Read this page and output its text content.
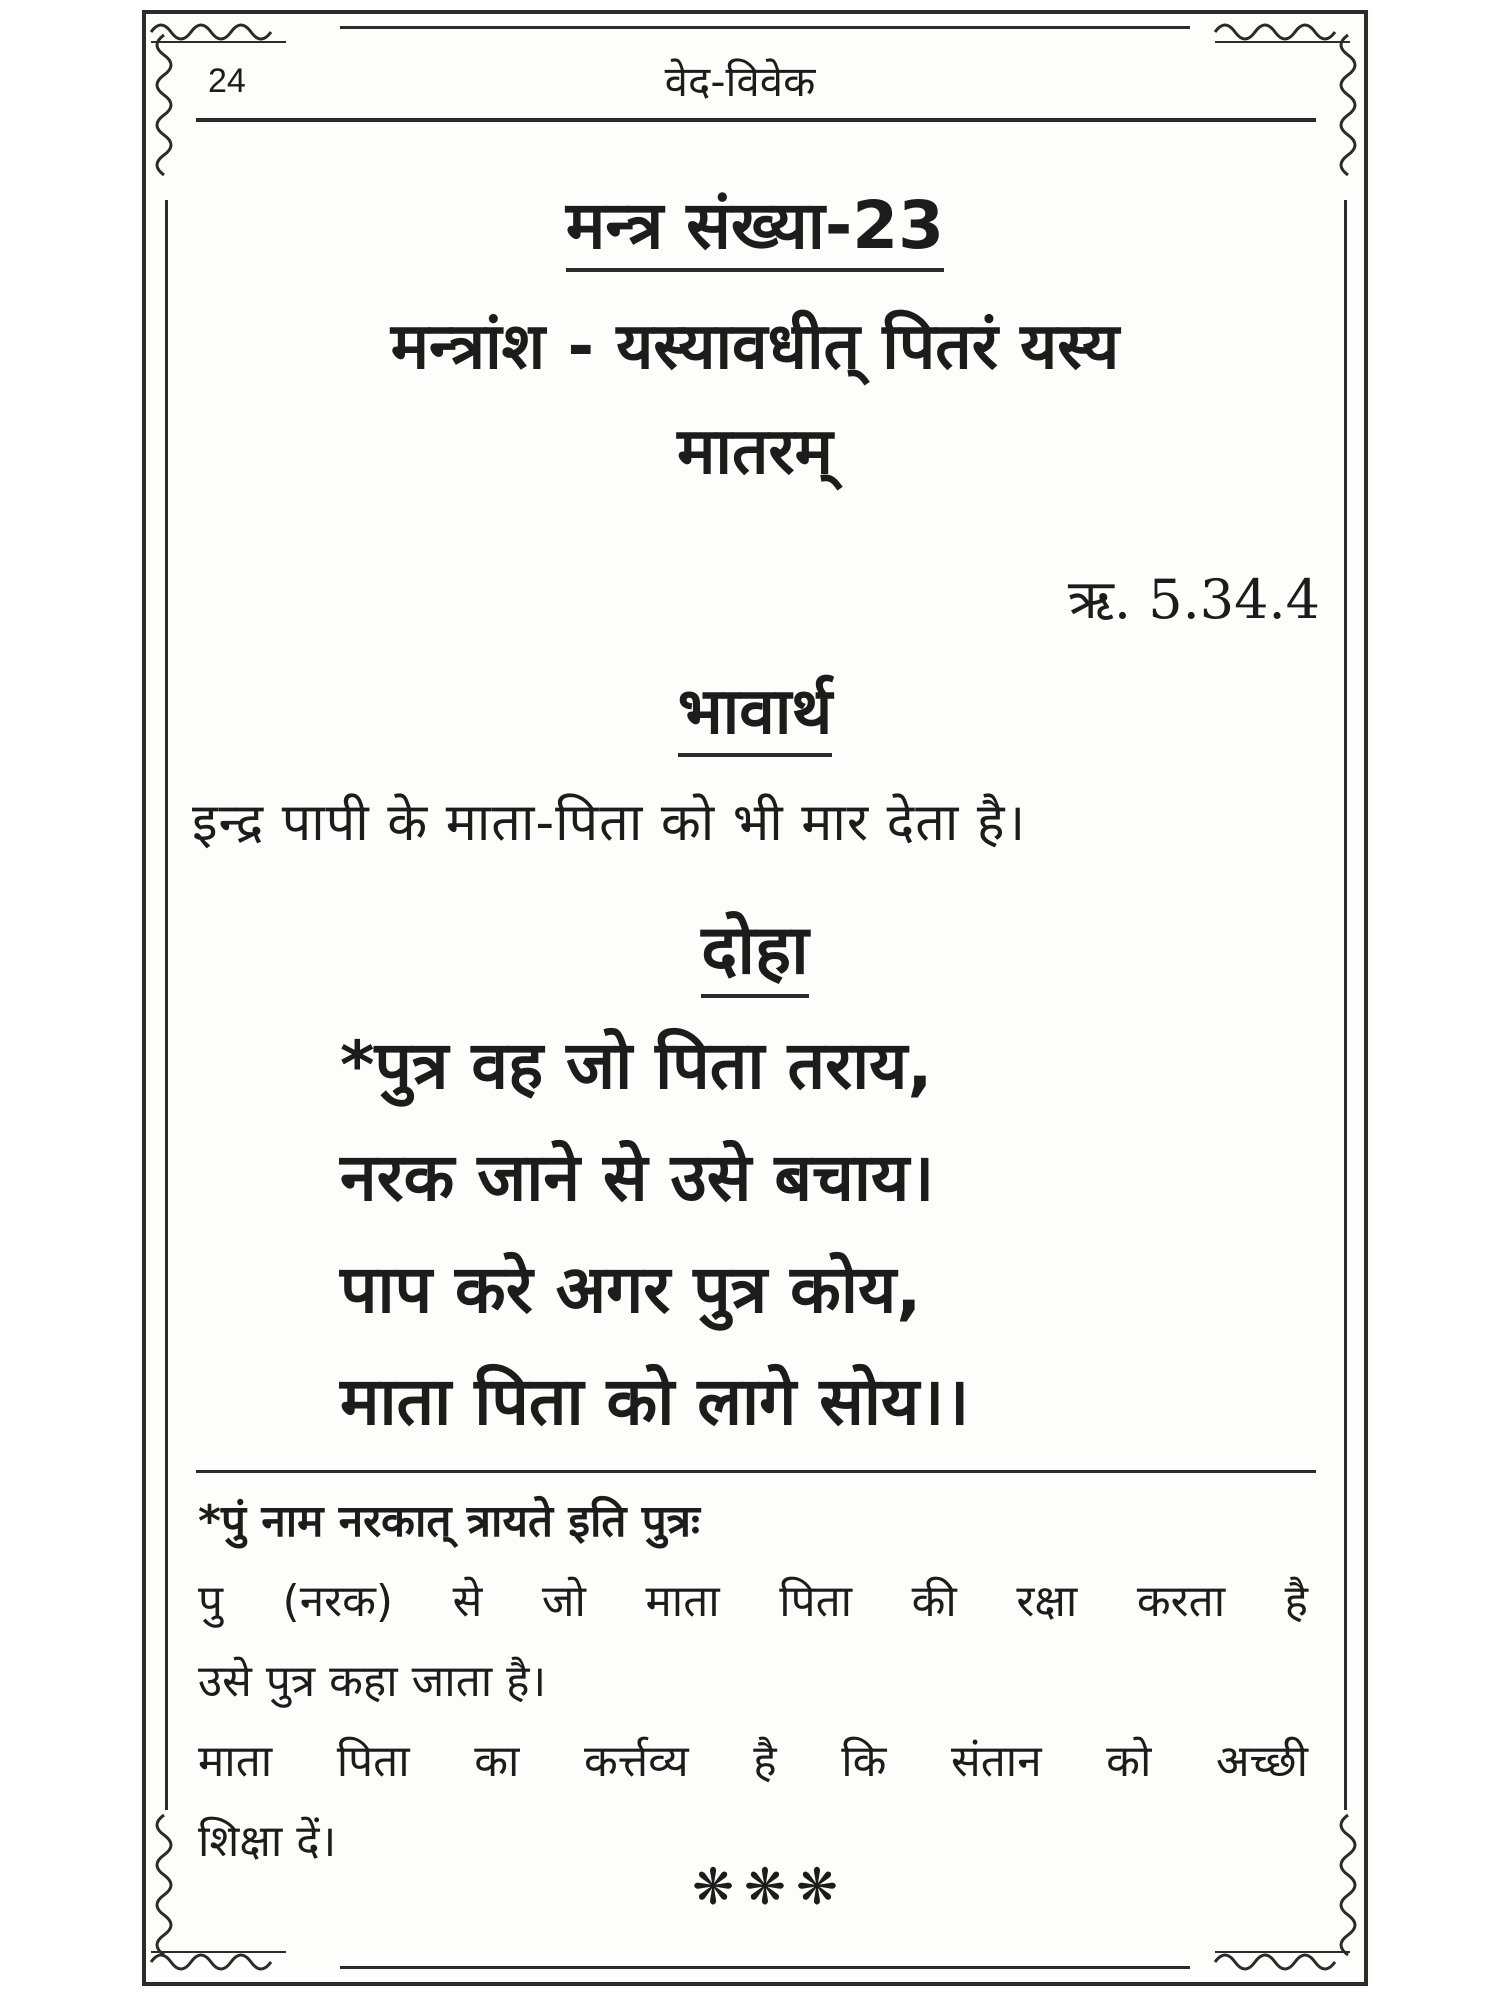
24	वेद-विवेक
मन्त्र संख्या-23
मन्त्रांश - यस्यावधीत् पितरं यस्य
मातरम्
ऋ. 5.34.4
भावार्थ
इन्द्र पापी के माता-पिता को भी मार देता है।
दोहा
*पुत्र वह जो पिता तराय,
नरक जाने से उसे बचाय।
पाप करे अगर पुत्र कोय,
माता पिता को लागे सोय।।
*पुं नाम नरकात् त्रायते इति पुत्रः
पु (नरक) से जो माता पिता की रक्षा करता है
उसे पुत्र कहा जाता है।
माता पिता का कर्त्तव्य है कि संतान को अच्छी
शिक्षा दें।
❋❋❋
